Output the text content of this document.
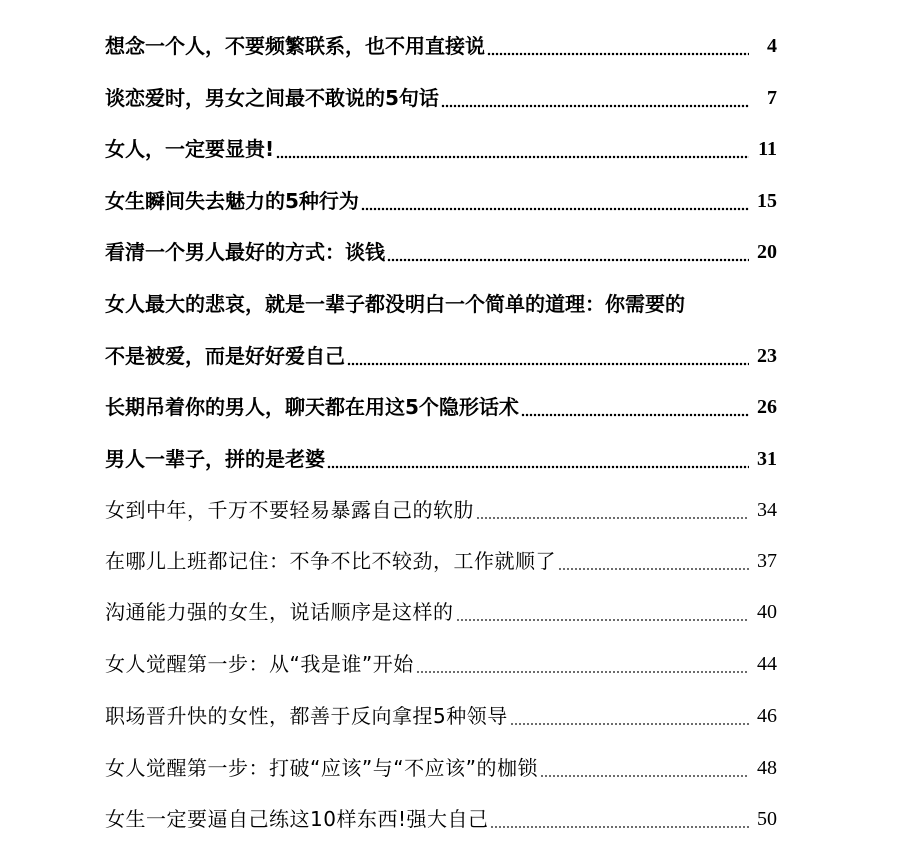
想念一个人，不要频繁联系，也不用直接说	4
谈恋爱时，男女之间最不敢说的5句话	7
女人，一定要显贵!	11
女生瞬间失去魅力的5种行为	15
看清一个男人最好的方式：谈钱	20
女人最大的悲哀，就是一辈子都没明白一个简单的道理：你需要的
不是被爱，而是好好爱自己	23
长期吊着你的男人，聊天都在用这5个隐形话术	26
男人一辈子，拼的是老婆	31
女到中年，千万不要轻易暴露自己的软肋	34
在哪儿上班都记住：不争不比不较劲，工作就顺了	37
沟通能力强的女生，说话顺序是这样的	40
女人觉醒第一步：从“我是谁”开始	44
职场晋升快的女性，都善于反向拿捏5种领导	46
女人觉醒第一步：打破“应该”与“不应该”的枷锁	48
女生一定要逼自己练这10样东西!强大自己	50
